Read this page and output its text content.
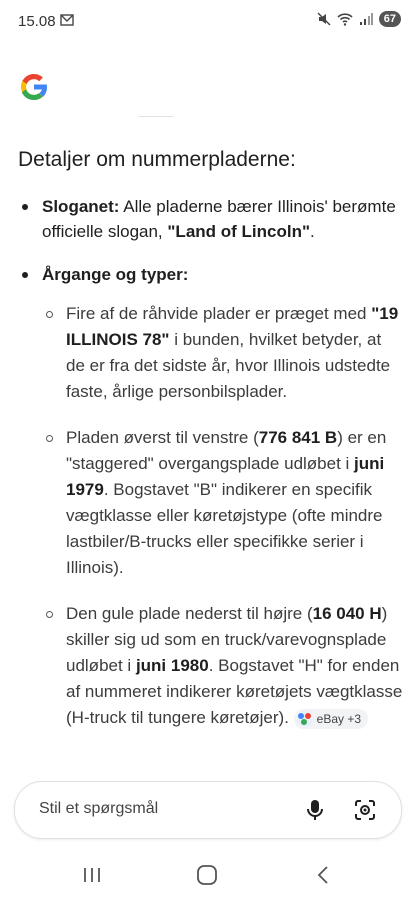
15.08	67
Detaljer om nummerpladerne:
Sloganet: Alle pladerne bærer Illinois' berømte officielle slogan, "Land of Lincoln".
Årgange og typer:
Fire af de råhvide plader er præget med "19 ILLINOIS 78" i bunden, hvilket betyder, at de er fra det sidste år, hvor Illinois udstedte faste, årlige personbilsplader.
Pladen øverst til venstre (776 841 B) er en "staggered" overgangsplade udløbet i juni 1979. Bogstavet "B" indikerer en specifik vægtklasse eller køretøjstype (ofte mindre lastbiler/B-trucks eller specifikke serier i Illinois).
Den gule plade nederst til højre (16 040 H) skiller sig ud som en truck/varevognsplade udløbet i juni 1980. Bogstavet "H" for enden af nummeret indikerer køretøjets vægtklasse (H-truck til tungere køretøjer). eBay +3
Stil et spørgsmål
